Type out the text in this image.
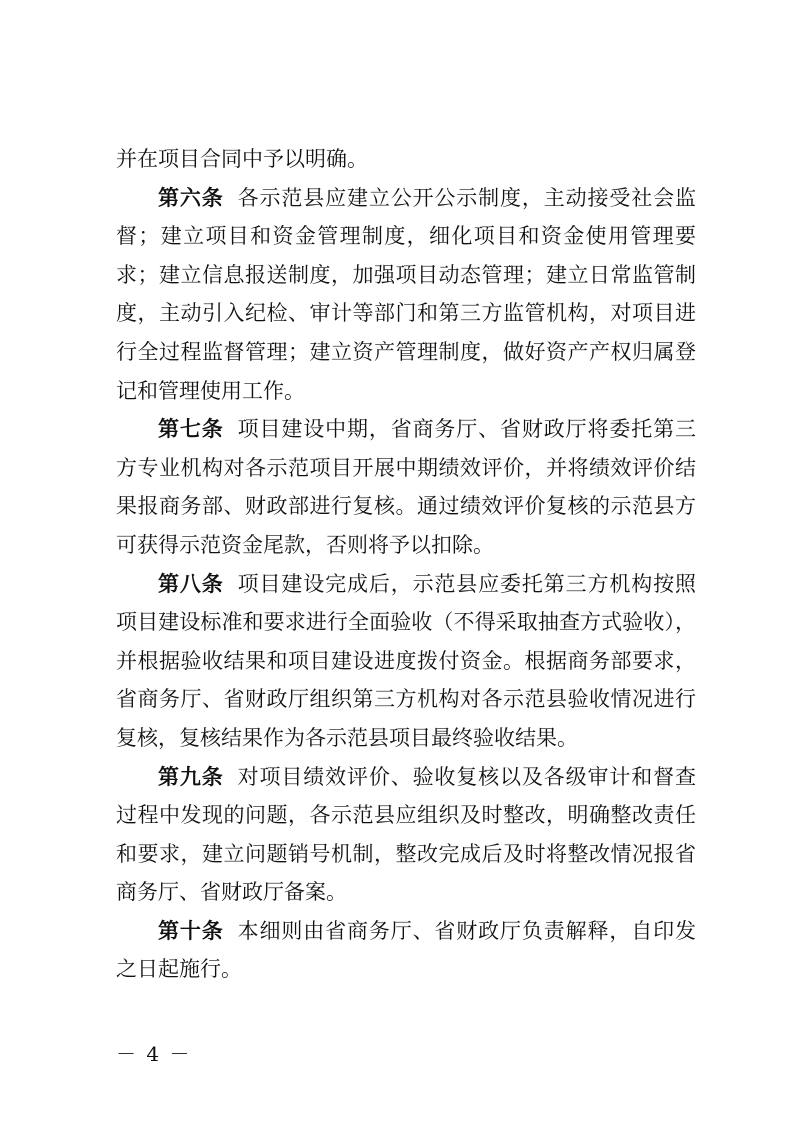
并在项目合同中予以明确。

第六条 各示范县应建立公开公示制度，主动接受社会监督；建立项目和资金管理制度，细化项目和资金使用管理要求；建立信息报送制度，加强项目动态管理；建立日常监管制度，主动引入纪检、审计等部门和第三方监管机构，对项目进行全过程监督管理；建立资产管理制度，做好资产产权归属登记和管理使用工作。

第七条 项目建设中期，省商务厅、省财政厅将委托第三方专业机构对各示范项目开展中期绩效评价，并将绩效评价结果报商务部、财政部进行复核。通过绩效评价复核的示范县方可获得示范资金尾款，否则将予以扣除。

第八条 项目建设完成后，示范县应委托第三方机构按照项目建设标准和要求进行全面验收（不得采取抽查方式验收），并根据验收结果和项目建设进度拨付资金。根据商务部要求，省商务厅、省财政厅组织第三方机构对各示范县验收情况进行复核，复核结果作为各示范县项目最终验收结果。

第九条 对项目绩效评价、验收复核以及各级审计和督查过程中发现的问题，各示范县应组织及时整改，明确整改责任和要求，建立问题销号机制，整改完成后及时将整改情况报省商务厅、省财政厅备案。

第十条 本细则由省商务厅、省财政厅负责解释，自印发之日起施行。

－ 4 －
